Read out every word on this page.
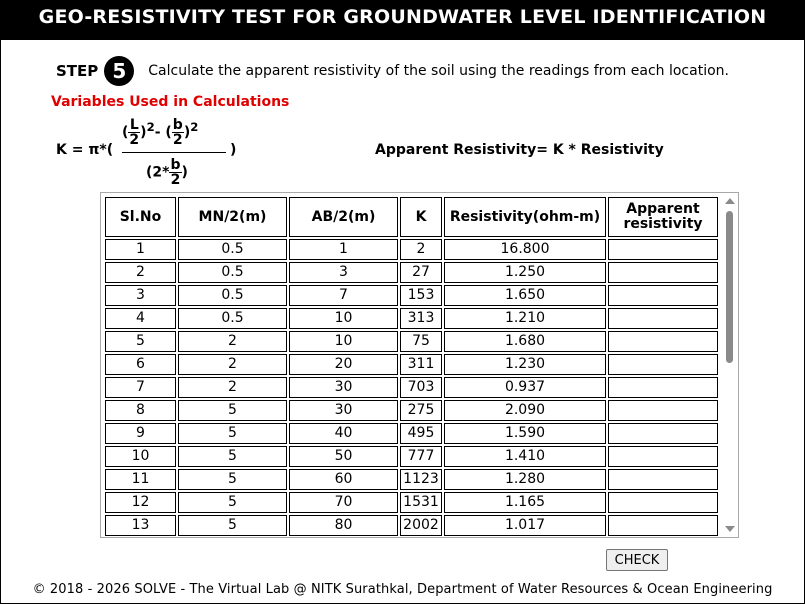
GEO-RESISTIVITY TEST FOR GROUNDWATER LEVEL IDENTIFICATION
STEP 5	Calculate the apparent resistivity of the soil using the readings from each location.
Variables Used in Calculations
K = π*(
( $\frac{L}{2} )^2-$ ( $\frac{b}{2} )^2$
($2* \frac{b}{2}$ )
)	Apparent Resistivity= K * Resistivity
Sl.No	MN/2(m)	AB/2(m)	K	Resistivity(ohm-m)	Apparent resistivity
1	0.5	1	2	16.800	
2	0.5	3	27	1.250	
3	0.5	7	153	1.650	
4	0.5	10	313	1.210	
5	2	10	75	1.680	
6	2	20	311	1.230	
7	2	30	703	0.937	
8	5	30	275	2.090	
9	5	40	495	1.590	
10	5	50	777	1.410	
11	5	60	1123	1.280	
12	5	70	1531	1.165	
13	5	80	2002	1.017	
CHECK
© 2018 - 2026 SOLVE - The Virtual Lab @ NITK Surathkal, Department of Water Resources & Ocean Engineering
